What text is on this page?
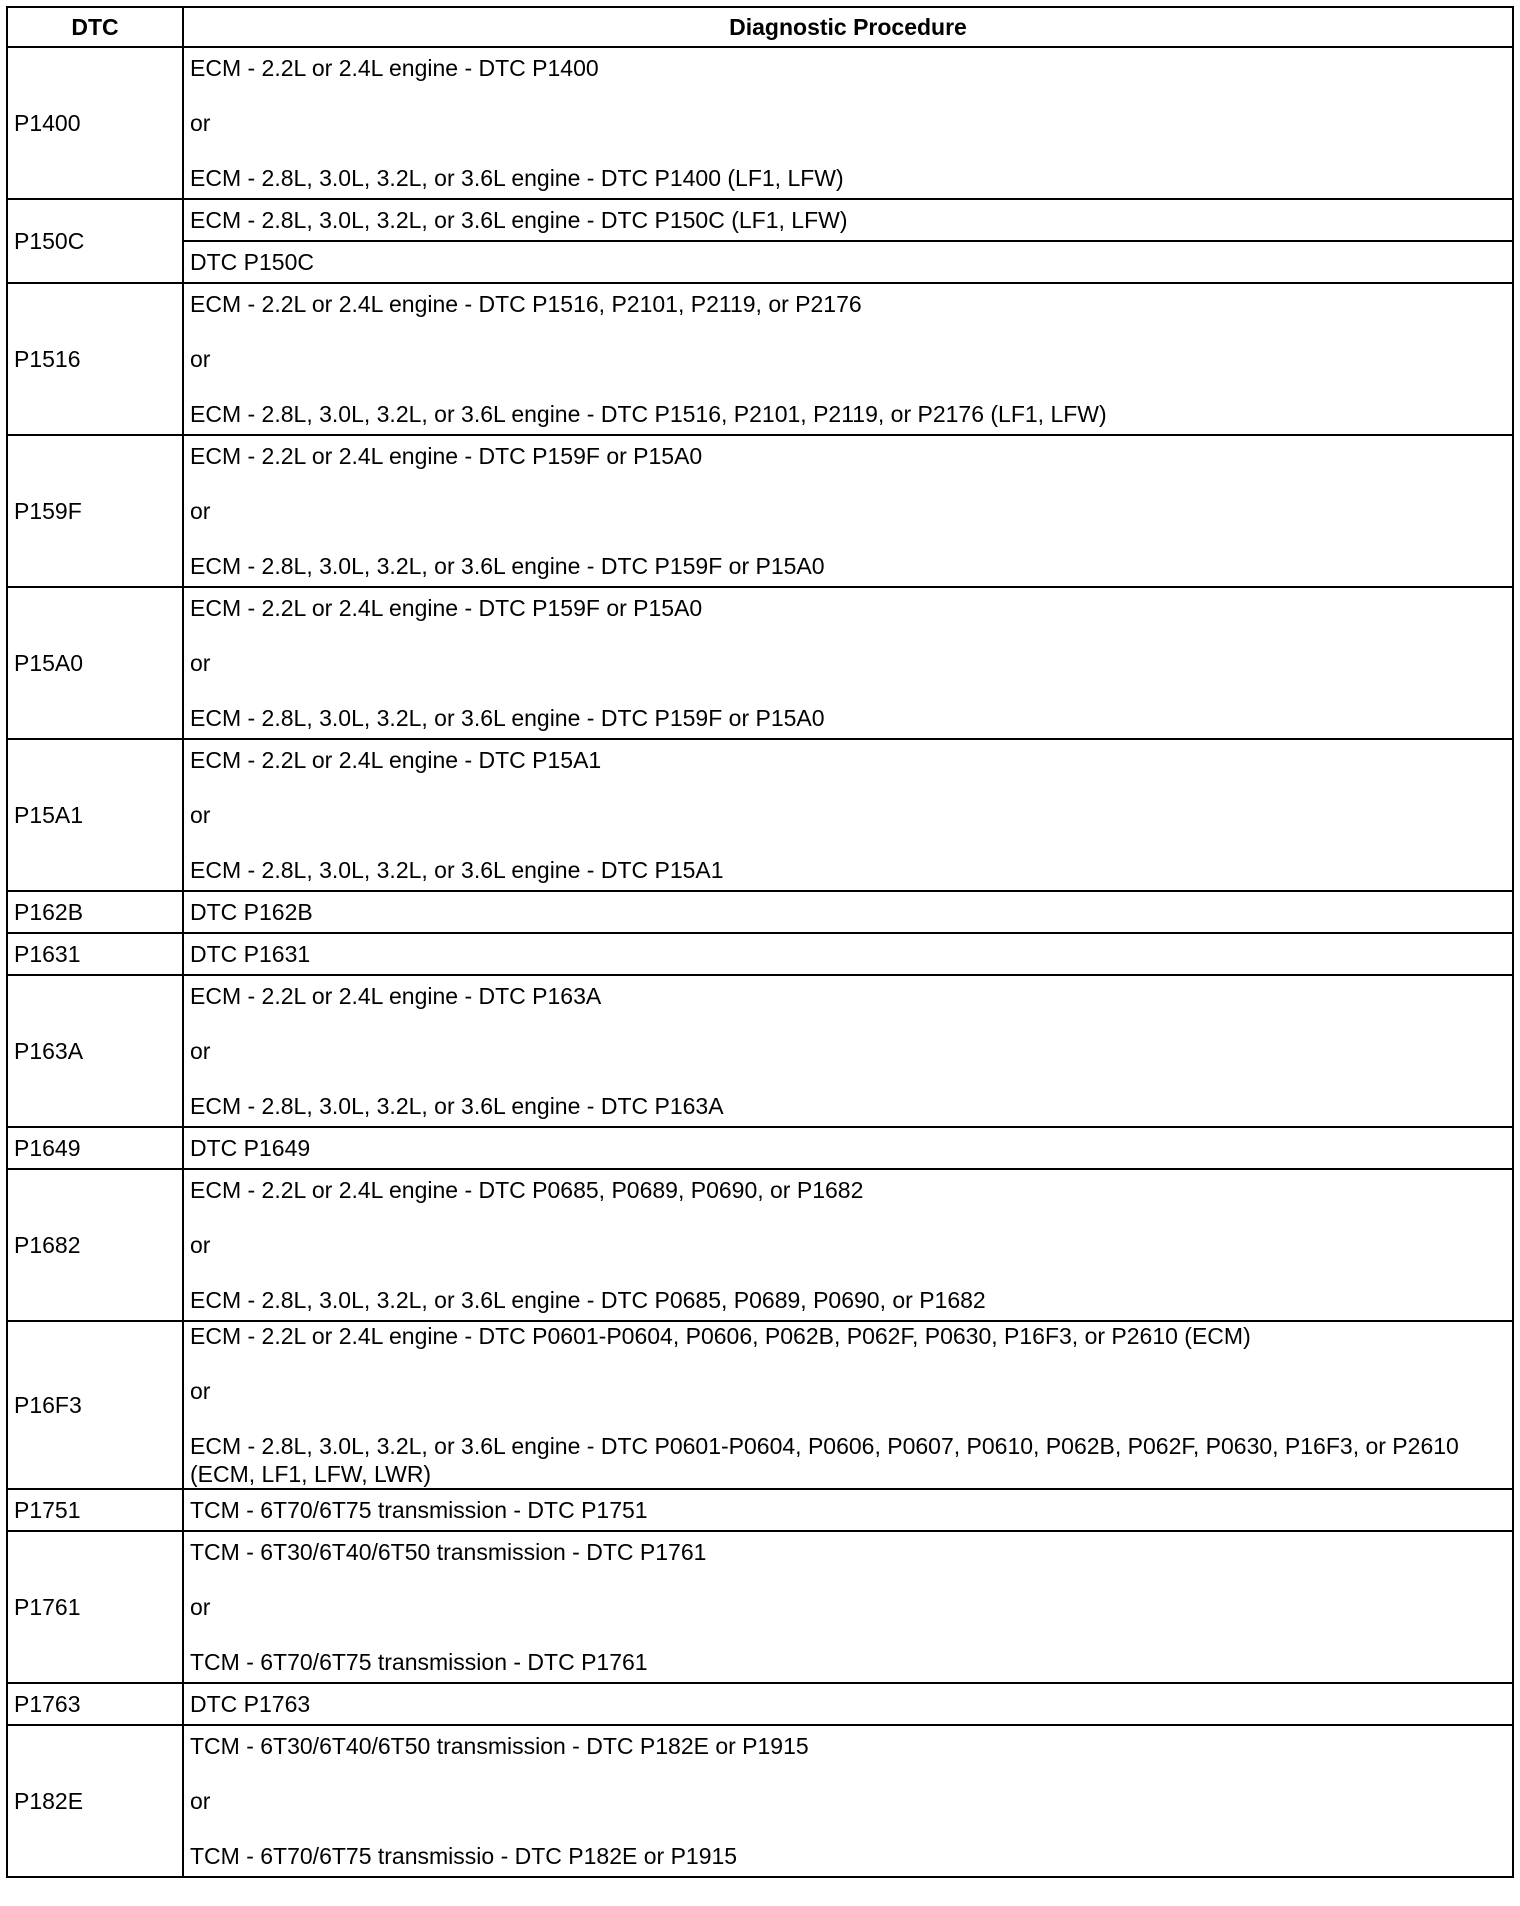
DTC	Diagnostic Procedure
P1400	ECM - 2.2L or 2.4L engine - DTC P1400
or
ECM - 2.8L, 3.0L, 3.2L, or 3.6L engine - DTC P1400 (LF1, LFW)

P150C	ECM - 2.8L, 3.0L, 3.2L, or 3.6L engine - DTC P150C (LF1, LFW)

	DTC P150C

P1516	ECM - 2.2L or 2.4L engine - DTC P1516, P2101, P2119, or P2176
or
ECM - 2.8L, 3.0L, 3.2L, or 3.6L engine - DTC P1516, P2101, P2119, or P2176 (LF1, LFW)

P159F	ECM - 2.2L or 2.4L engine - DTC P159F or P15A0
or
ECM - 2.8L, 3.0L, 3.2L, or 3.6L engine - DTC P159F or P15A0

P15A0	ECM - 2.2L or 2.4L engine - DTC P159F or P15A0
or
ECM - 2.8L, 3.0L, 3.2L, or 3.6L engine - DTC P159F or P15A0

P15A1	ECM - 2.2L or 2.4L engine - DTC P15A1
or
ECM - 2.8L, 3.0L, 3.2L, or 3.6L engine - DTC P15A1

P162B	DTC P162B

P1631	DTC P1631

P163A	ECM - 2.2L or 2.4L engine - DTC P163A
or
ECM - 2.8L, 3.0L, 3.2L, or 3.6L engine - DTC P163A

P1649	DTC P1649

P1682	ECM - 2.2L or 2.4L engine - DTC P0685, P0689, P0690, or P1682
or
ECM - 2.8L, 3.0L, 3.2L, or 3.6L engine - DTC P0685, P0689, P0690, or P1682

P16F3	ECM - 2.2L or 2.4L engine - DTC P0601-P0604, P0606, P062B, P062F, P0630, P16F3, or P2610 (ECM)
or
ECM - 2.8L, 3.0L, 3.2L, or 3.6L engine - DTC P0601-P0604, P0606, P0607, P0610, P062B, P062F, P0630, P16F3, or P2610 (ECM, LF1, LFW, LWR)

P1751	TCM - 6T70/6T75 transmission - DTC P1751

P1761	TCM - 6T30/6T40/6T50 transmission - DTC P1761
or
TCM - 6T70/6T75 transmission - DTC P1761

P1763	DTC P1763

P182E	TCM - 6T30/6T40/6T50 transmission - DTC P182E or P1915
or
TCM - 6T70/6T75 transmissio - DTC P182E or P1915
